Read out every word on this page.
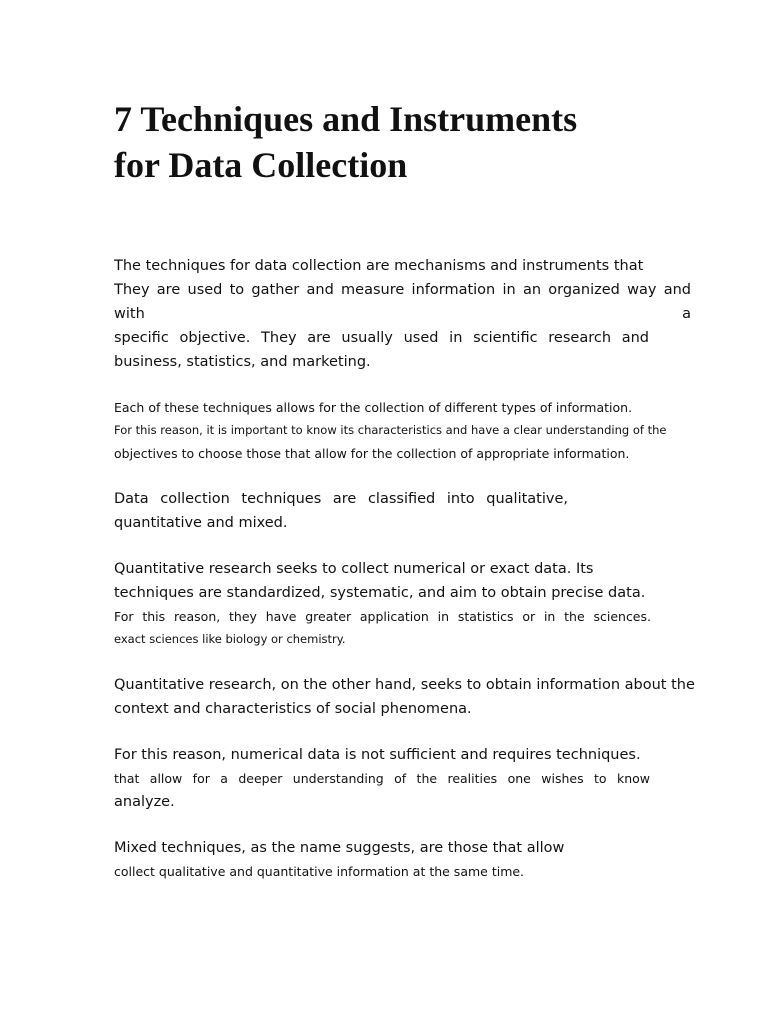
7 Techniques and Instruments
for Data Collection
The techniques for data collection are mechanisms and instruments that
They are used to gather and measure information in an organized way and with a
specific objective. They are usually used in scientific research and
business, statistics, and marketing.
Each of these techniques allows for the collection of different types of information.
For this reason, it is important to know its characteristics and have a clear understanding of the
objectives to choose those that allow for the collection of appropriate information.
Data collection techniques are classified into qualitative,
quantitative and mixed.
Quantitative research seeks to collect numerical or exact data. Its
techniques are standardized, systematic, and aim to obtain precise data.
For this reason, they have greater application in statistics or in the sciences.
exact sciences like biology or chemistry.
Quantitative research, on the other hand, seeks to obtain information about the
context and characteristics of social phenomena.
For this reason, numerical data is not sufficient and requires techniques.
that allow for a deeper understanding of the realities one wishes to know
analyze.
Mixed techniques, as the name suggests, are those that allow
collect qualitative and quantitative information at the same time.
